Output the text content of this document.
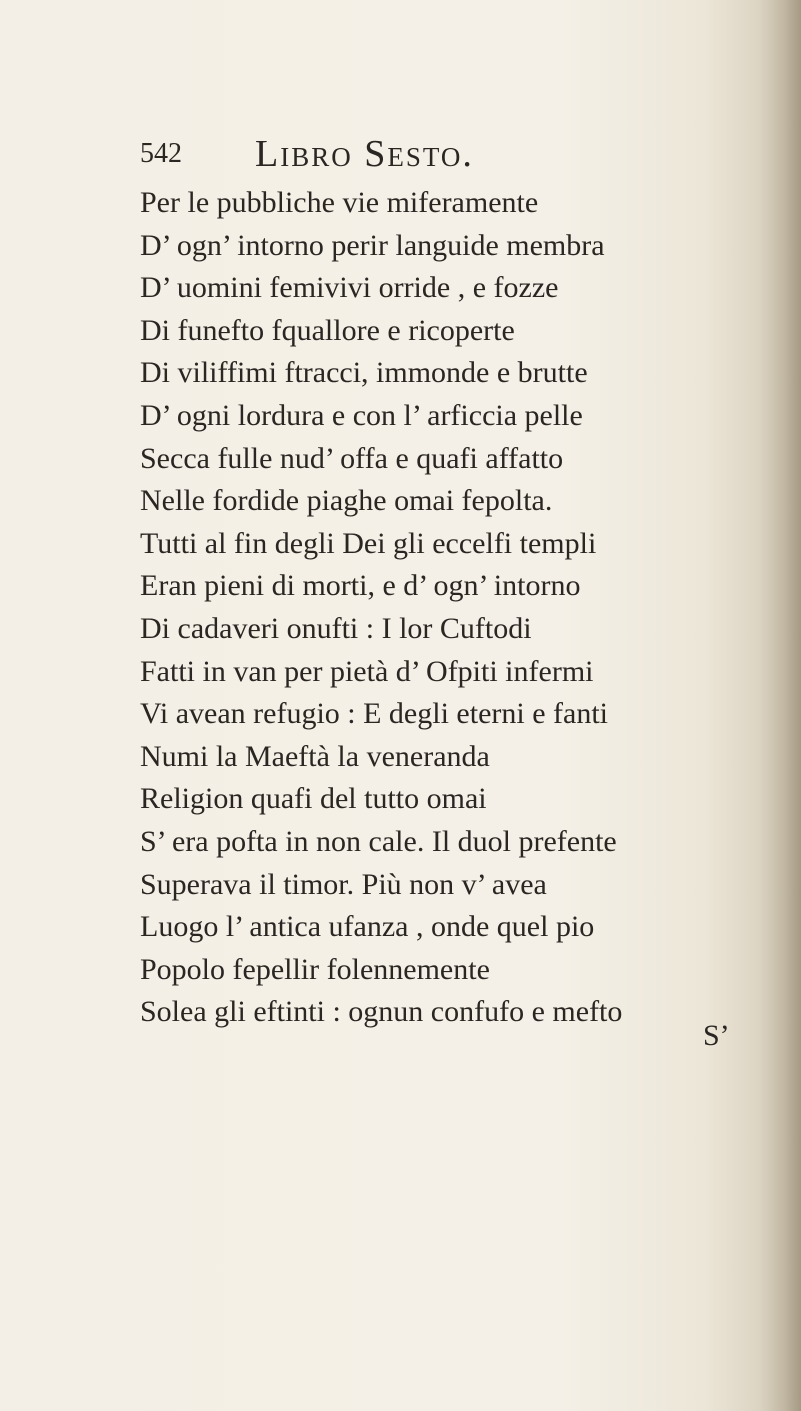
542 Libro Sesto.
Per le pubbliche vie miferamente
D’ ogn’ intorno perir languide membra
D’ uomini femivivi orride , e fozze
Di funefto fquallore e ricoperte
Di viliffimi ftracci, immonde e brutte
D’ ogni lordura e con l’ arficcia pelle
Secca fulle nud’ offa e quafi affatto
Nelle fordide piaghe omai fepolta.
Tutti al fin degli Dei gli eccelfi templi
Eran pieni di morti, e d’ ogn’ intorno
Di cadaveri onufti : I lor Cuftodi
Fatti in van per pietà d’ Ofpiti infermi
Vi avean refugio : E degli eterni e fanti
Numi la Maeftà la veneranda
Religion quafi del tutto omai
S’ era pofta in non cale. Il duol prefente
Superava il timor. Più non v’ avea
Luogo l’ antica ufanza , onde quel pio
Popolo fepellir folennemente
Solea gli eftinti : ognun confufo e mefto
S’
